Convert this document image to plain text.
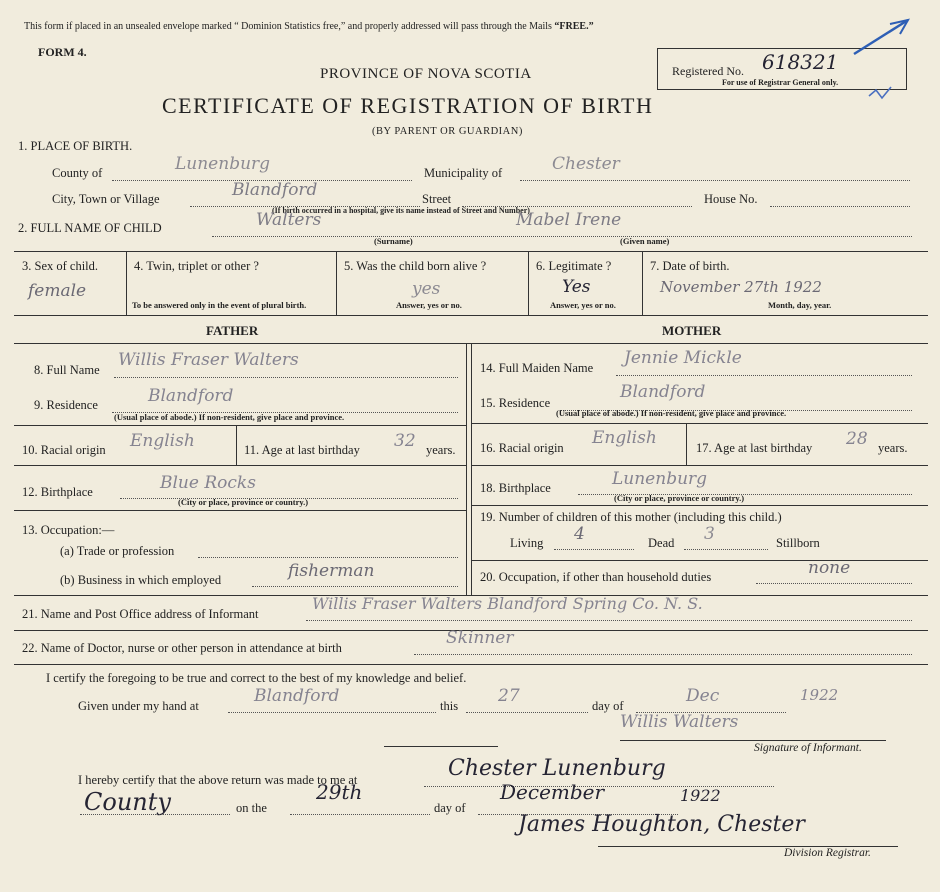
This form if placed in an unsealed envelope marked “ Dominion Statistics free,” and properly addressed will pass through the Mails “FREE.”
FORM 4.
PROVINCE OF NOVA SCOTIA
CERTIFICATE OF REGISTRATION OF BIRTH
(BY PARENT OR GUARDIAN)
Registered No. 618321
For use of Registrar General only.
1. PLACE OF BIRTH.
County of	Lunenburg	Municipality of	Chester
City, Town or Village	Blandford	Street	House No.
(If birth occurred in a hospital, give its name instead of Street and Number)
2. FULL NAME OF CHILD	Walters
(Surname)
Mabel Irene
(Given name)
3. Sex of child.
female
4. Twin, triplet or other ?
To be answered only in the event of plural birth.
5. Was the child born alive ?
yes
Answer, yes or no.
6. Legitimate ?
Yes
Answer, yes or no.
7. Date of birth.
November 27th 1922
Month, day, year.
FATHER	MOTHER
8. Full Name Willis Fraser Walters
9. Residence	Blandford
(Usual place of abode.) If non-resident, give place and province.
10. Racial origin English	11. Age at last birthday 32 years.
12. Birthplace	Blue Rocks
(City or place, province or country.)
13. Occupation:—
(a) Trade or profession
(b) Business in which employed	fisherman
14. Full Maiden Name Jennie Mickle
15. Residence
Blandford
(Usual place of abode.) If non-resident, give place and province.
16. Racial origin English	17. Age at last birthday 28 years.
18. Birthplace	Lunenburg
(City or place, province or country.)
19. Number of children of this mother (including this child.)
Living 4	Dead 3	Stillborn
20. Occupation, if other than household duties	none
21. Name and Post Office address of Informant
Willis Fraser Walters Blandford Spring Co. N. S.
22. Name of Doctor, nurse or other person in attendance at birth	Skinner
I certify the foregoing to be true and correct to the best of my knowledge and belief.
Given under my hand at	Blandford	this 27	day of	Dec	1922
Willis Walters
Signature of Informant.
I hereby certify that the above return was made to me at	Chester Lunenburg
County	on the
29th
day of
December	1922
James Houghton, Chester
Division Registrar.
